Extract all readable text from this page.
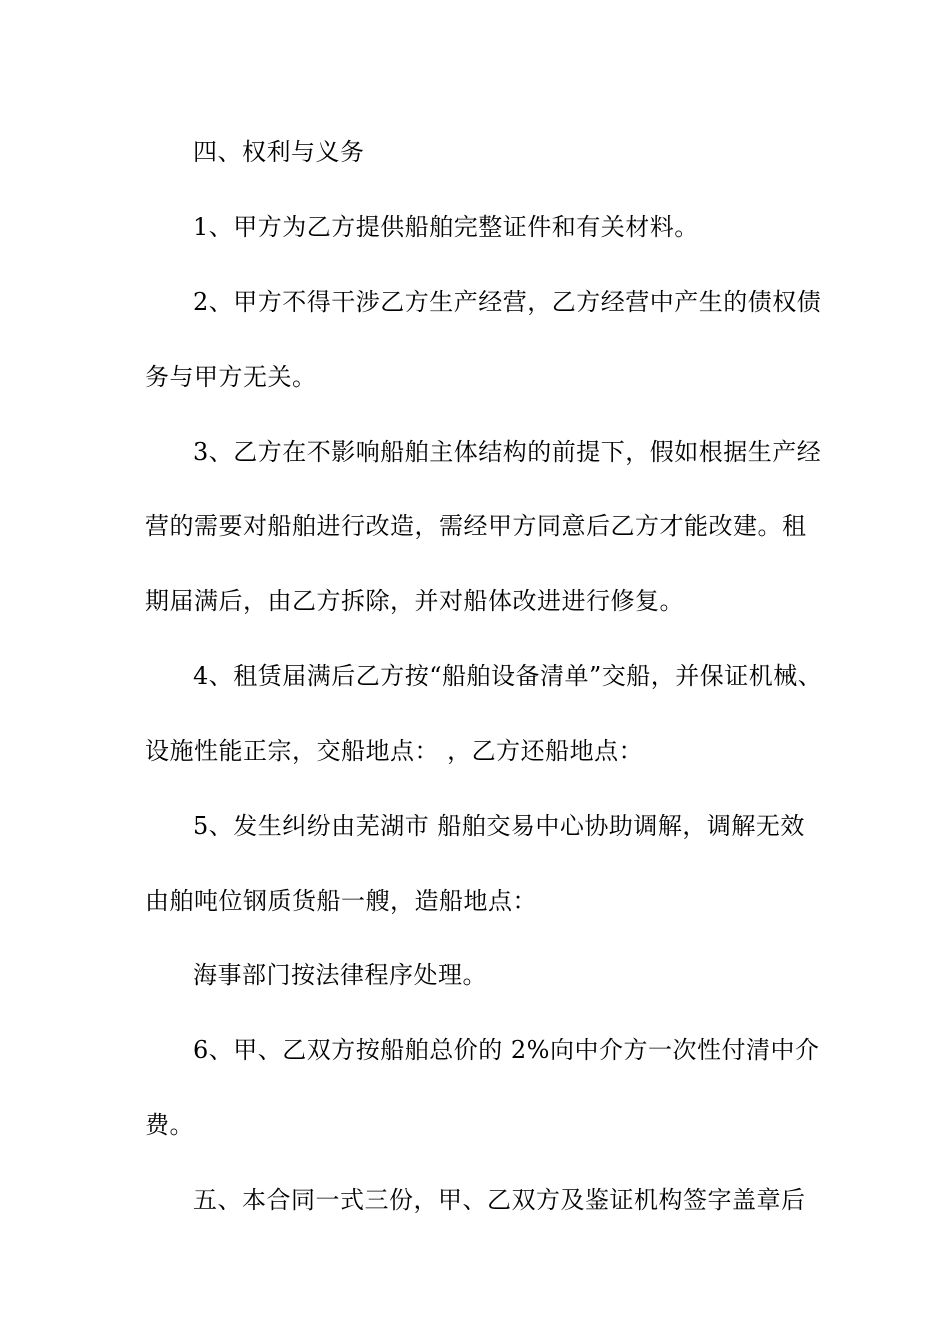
四、权利与义务
1、甲方为乙方提供船舶完整证件和有关材料。
2、甲方不得干涉乙方生产经营，乙方经营中产生的债权债
务与甲方无关。
3、乙方在不影响船舶主体结构的前提下，假如根据生产经
营的需要对船舶进行改造，需经甲方同意后乙方才能改建。租
期届满后，由乙方拆除，并对船体改进进行修复。
4、租赁届满后乙方按“船舶设备清单”交船，并保证机械、
设施性能正宗，交船地点： ，乙方还船地点：
5、发生纠纷由芜湖市 船舶交易中心协助调解，调解无效
由舶吨位钢质货船一艘，造船地点：
海事部门按法律程序处理。
6、甲、乙双方按船舶总价的 2%向中介方一次性付清中介
费。
五、本合同一式三份，甲、乙双方及鉴证机构签字盖章后
